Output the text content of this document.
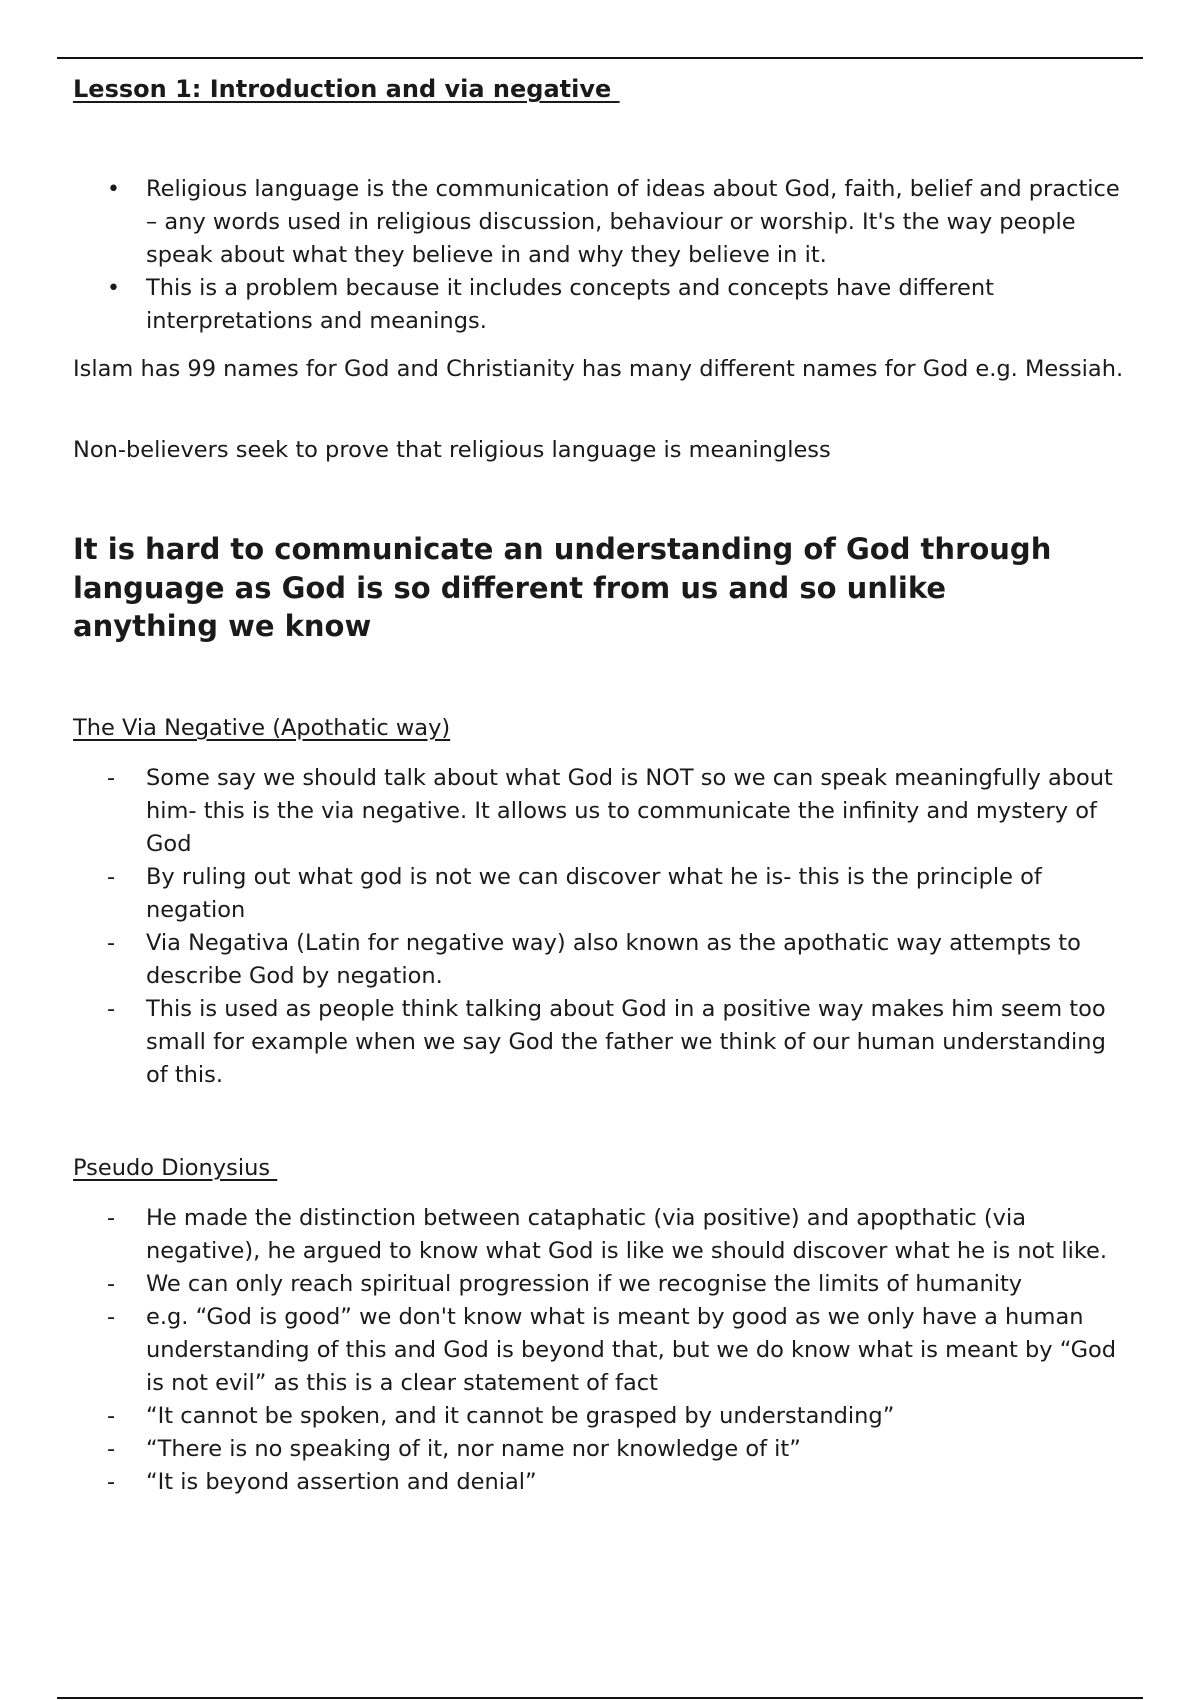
Lesson 1: Introduction and via negative
•	Religious language is the communication of ideas about God, faith, belief and practice – any words used in religious discussion, behaviour or worship. It's the way people speak about what they believe in and why they believe in it.
•	This is a problem because it includes concepts and concepts have different interpretations and meanings.

Islam has 99 names for God and Christianity has many different names for God e.g. Messiah.

Non-believers seek to prove that religious language is meaningless

It is hard to communicate an understanding of God through language as God is so different from us and so unlike anything we know
The Via Negative (Apothatic way)
-	Some say we should talk about what God is NOT so we can speak meaningfully about him- this is the via negative. It allows us to communicate the infinity and mystery of God
-	By ruling out what god is not we can discover what he is- this is the principle of negation
-	Via Negativa (Latin for negative way) also known as the apothatic way attempts to describe God by negation.
-	This is used as people think talking about God in a positive way makes him seem too small for example when we say God the father we think of our human understanding of this.
Pseudo Dionysius
-	He made the distinction between cataphatic (via positive) and apopthatic (via negative), he argued to know what God is like we should discover what he is not like.
-	We can only reach spiritual progression if we recognise the limits of humanity
-	e.g. “God is good” we don't know what is meant by good as we only have a human understanding of this and God is beyond that, but we do know what is meant by “God is not evil” as this is a clear statement of fact
-	“It cannot be spoken, and it cannot be grasped by understanding”
-	“There is no speaking of it, nor name nor knowledge of it”
-	“It is beyond assertion and denial”
